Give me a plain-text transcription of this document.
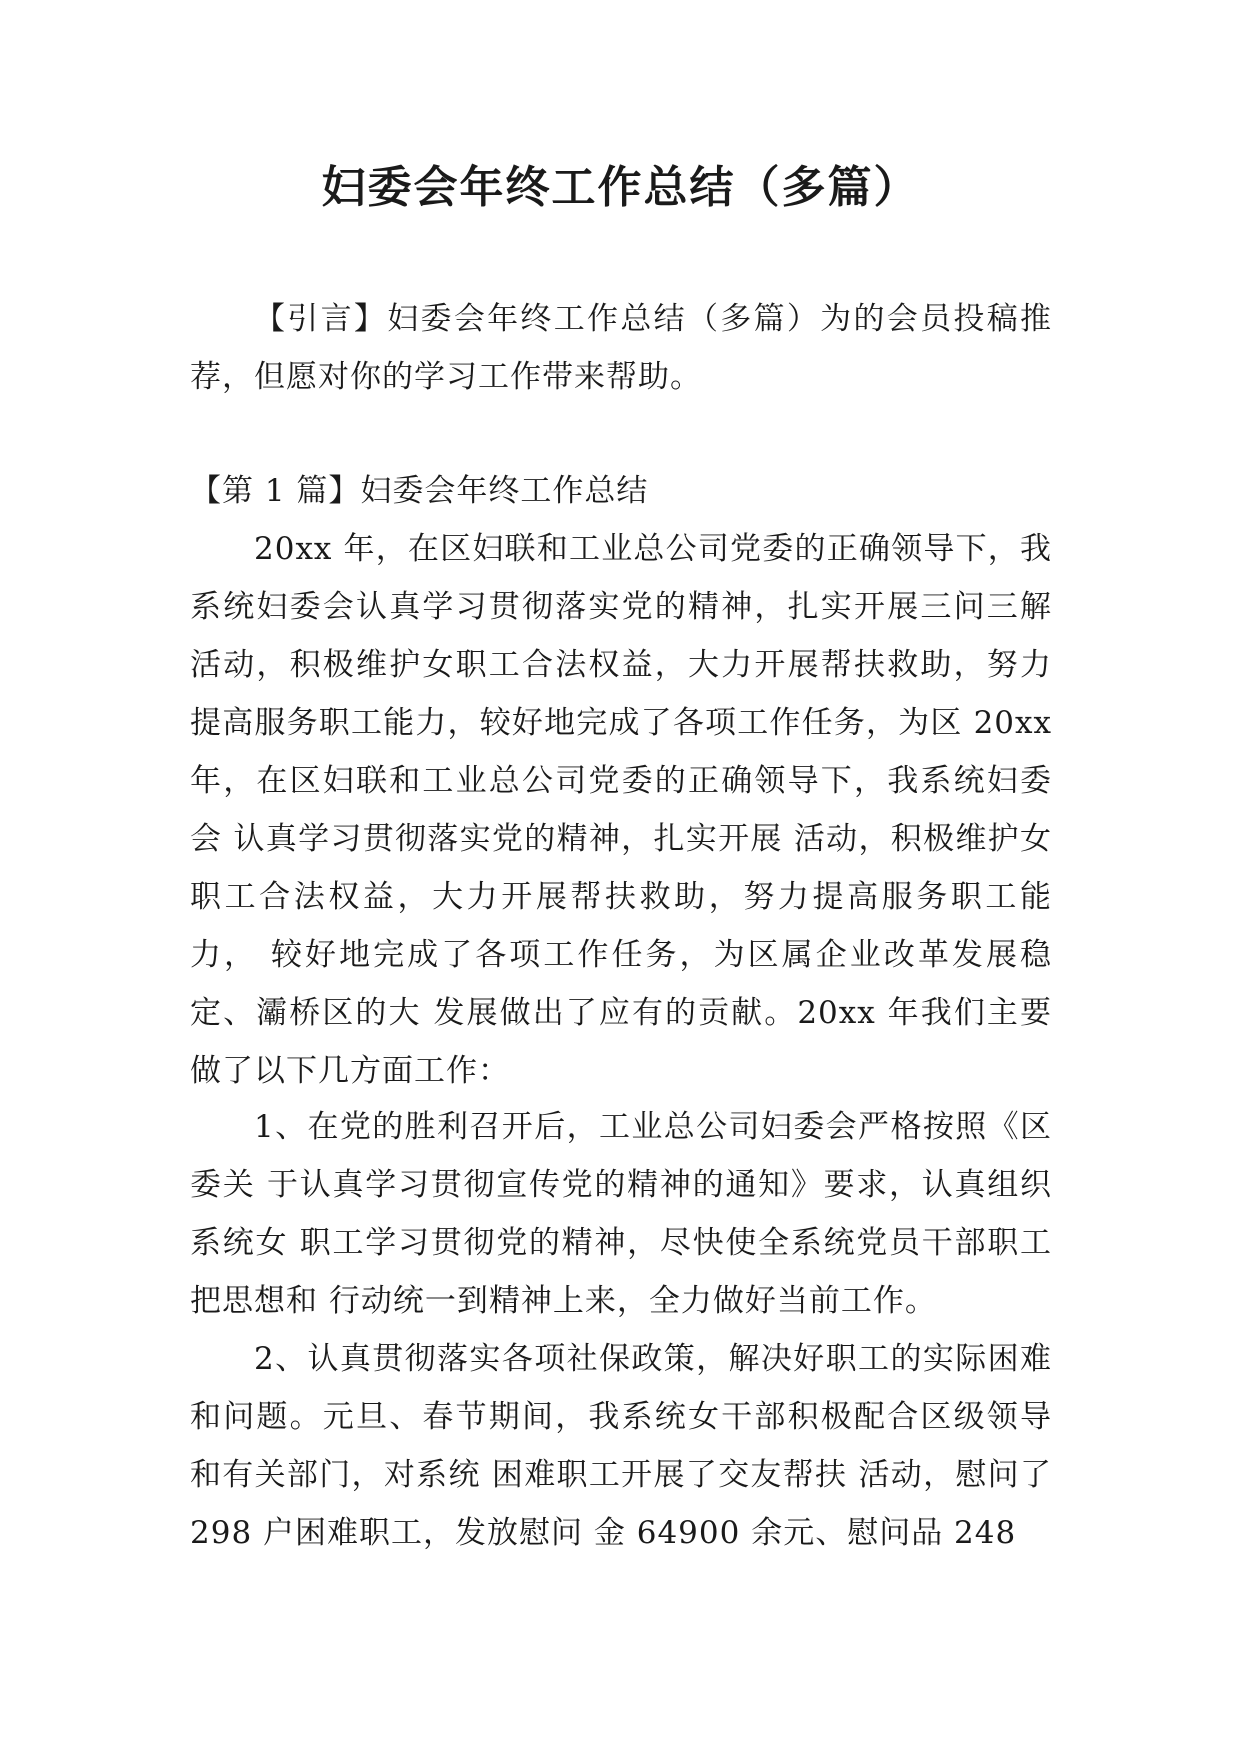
妇委会年终工作总结（多篇）

【引言】妇委会年终工作总结（多篇）为的会员投稿推荐，但愿对你的学习工作带来帮助。

【第 1 篇】妇委会年终工作总结

20xx 年，在区妇联和工业总公司党委的正确领导下，我系统妇委会认真学习贯彻落实党的精神，扎实开展三问三解活动，积极维护女职工合法权益，大力开展帮扶救助，努力提高服务职工能力，较好地完成了各项工作任务，为区 20xx 年，在区妇联和工业总公司党委的正确领导下，我系统妇委会 认真学习贯彻落实党的精神，扎实开展 活动，积极维护女职工合法权益，大力开展帮扶救助，努力提高服务职工能力， 较好地完成了各项工作任务，为区属企业改革发展稳定、灞桥区的大 发展做出了应有的贡献。20xx 年我们主要做了以下几方面工作：

1、在党的胜利召开后，工业总公司妇委会严格按照《区委关 于认真学习贯彻宣传党的精神的通知》要求，认真组织系统女 职工学习贯彻党的精神，尽快使全系统党员干部职工把思想和 行动统一到精神上来，全力做好当前工作。

2、认真贯彻落实各项社保政策，解决好职工的实际困难和问题。元旦、春节期间，我系统女干部积极配合区级领导和有关部门，对系统 困难职工开展了交友帮扶 活动，慰问了 298 户困难职工，发放慰问 金 64900 余元、慰问品 248
